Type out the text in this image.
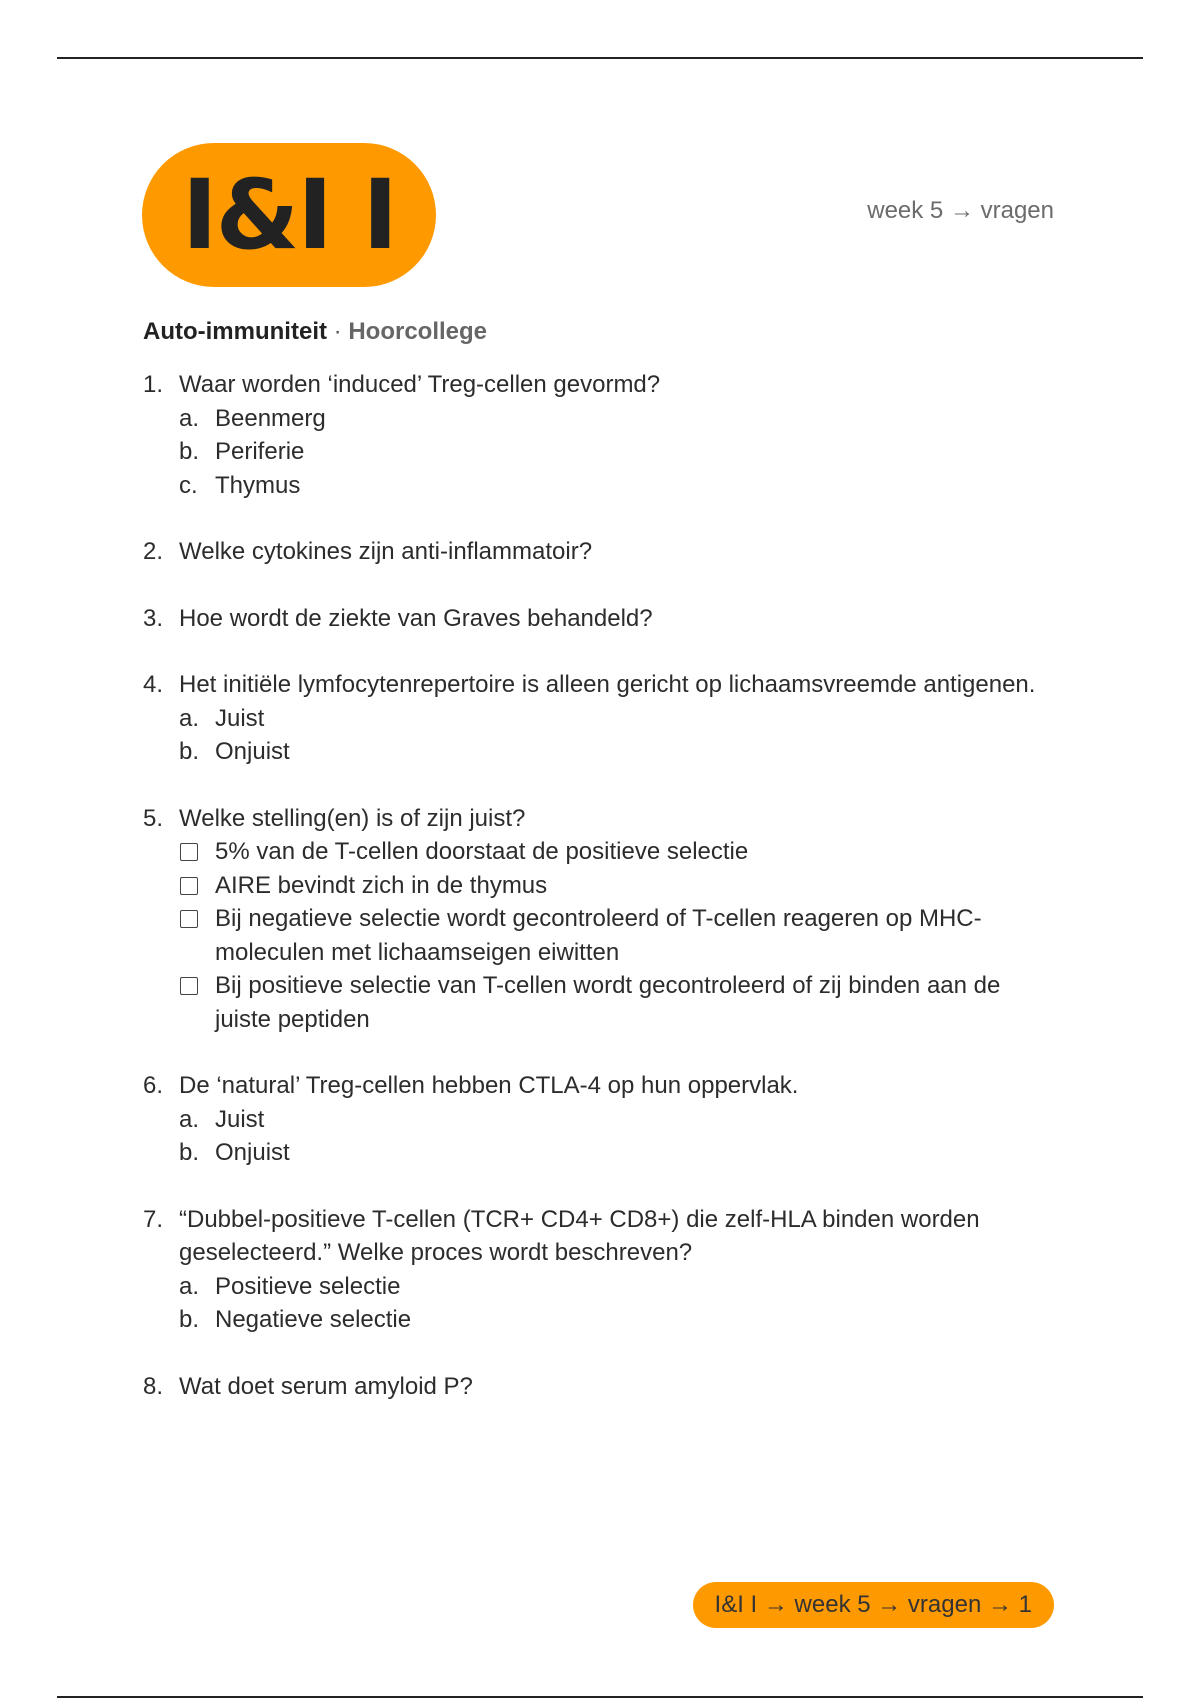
I&I I	week 5 → vragen
Auto-immuniteit · Hoorcollege
1. Waar worden ‘induced’ Treg-cellen gevormd?
a. Beenmerg
b. Periferie
c. Thymus
2. Welke cytokines zijn anti-inflammatoir?
3. Hoe wordt de ziekte van Graves behandeld?
4. Het initiële lymfocytenrepertoire is alleen gericht op lichaamsvreemde antigenen.
a. Juist
b. Onjuist
5. Welke stelling(en) is of zijn juist?
5% van de T-cellen doorstaat de positieve selectie
AIRE bevindt zich in de thymus
Bij negatieve selectie wordt gecontroleerd of T-cellen reageren op MHC-moleculen met lichaamseigen eiwitten
Bij positieve selectie van T-cellen wordt gecontroleerd of zij binden aan de juiste peptiden
6. De ‘natural’ Treg-cellen hebben CTLA-4 op hun oppervlak.
a. Juist
b. Onjuist
7. “Dubbel-positieve T-cellen (TCR+ CD4+ CD8+) die zelf-HLA binden worden geselecteerd.” Welke proces wordt beschreven?
a. Positieve selectie
b. Negatieve selectie
8. Wat doet serum amyloid P?
I&I I → week 5 → vragen → 1
